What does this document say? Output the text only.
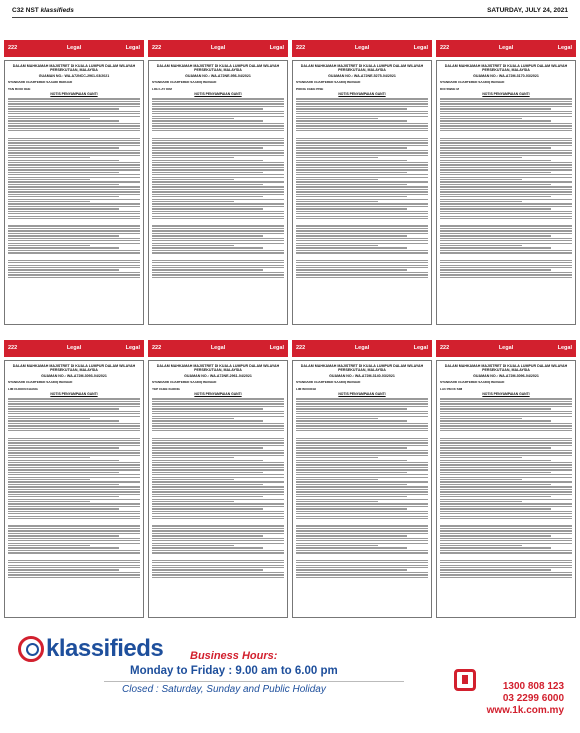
C32 NST klassifieds	SATURDAY, JULY 24, 2021
222	Legal	Legal 222	Legal	Legal 222	Legal	Legal 222	Legal	Legal
DALAM MAHKAMAH MAJISTRET DI KUALA LUMPUR DALAM WILAYAH PERSEKUTUAN, MALAYSIA
GUAMAN NO.: WA-A72NCC-2961-03/2021
STANDARD CHARTERED SAAHDI BERHAD
TAN BOOI OHE
NOTIS PENYAMPAIAN GANTI
DALAM MAHKAMAH MAJISTRET DI KUALA LUMPUR DALAM WILAYAH PERSEKUTUAN, MALAYSIA
GUAMAN NO.: WA-A72NE-956-04/2021
STANDARD CHARTERED SAADIQ BERHAD
LOH LAY KIM
NOTIS PENYAMPAIAN GANTI
DALAM MAHKAMAH MAJISTRET DI KUALA LUMPUR DALAM WILAYAH PERSEKUTUAN, MALAYSIA
GUAMAN NO.: WA-A72NE-5275-04/2021
STANDARD CHARTERED SAADIQ BERHAD
PIONG CHEE PISE
NOTIS PENYAMPAIAN GANTI
DALAM MAHKAMAH MAJISTRET DI KUALA LUMPUR DALAM WILAYAH PERSEKUTUAN, MALAYSIA
GUAMAN NO.: WA-A72M-3170-03/2021
STANDARD CHARTERED SAADIQ BERHAD
DOI SWEE M
NOTIS PENYAMPAIAN GANTI
222	Legal	Legal 222	Legal	Legal 222	Legal	Legal 222	Legal	Legal
DALAM MAHKAMAH MAJISTRET DI KUALA LUMPUR DALAM WILAYAH PERSEKUTUAN, MALAYSIA
GUAMAN NO.: WA-A72M-3093-04/2021
STANDARD CHARTERED SAADIQ BERHAD
LIM CHOON KHANG
NOTIS PENYAMPAIAN GANTI
DALAM MAHKAMAH MAJISTRET DI KUALA LUMPUR DALAM WILAYAH PERSEKUTUAN, MALAYSIA
GUAMAN NO.: WA-A72NE-2961-04/2021
STANDARD CHARTERED SAADIQ BERHAD
YEP CHEE KHONG
NOTIS PENYAMPAIAN GANTI
DALAM MAHKAMAH MAJISTRET DI KUALA LUMPUR DALAM WILAYAH PERSEKUTUAN, MALAYSIA
GUAMAN NO.: WA-A72M-3140-03/2021
STANDARD CHARTERED SAADIQ BERHAD
LIM WOOICHI
NOTIS PENYAMPAIAN GANTI
DALAM MAHKAMAH MAJISTRET DI KUALA LUMPUR DALAM WILAYAH PERSEKUTUAN, MALAYSIA
GUAMAN NO.: WA-A72M-3096-04/2021
STANDARD CHARTERED SAADIQ BERHAD
LAU PECK SIM
NOTIS PENYAMPAIAN GANTI
klassifieds Business Hours:
Monday to Friday : 9.00 am to 6.00 pm
Closed : Saturday, Sunday and Public Holiday	1300 808 123
03 2299 6000
www.1k.com.my
